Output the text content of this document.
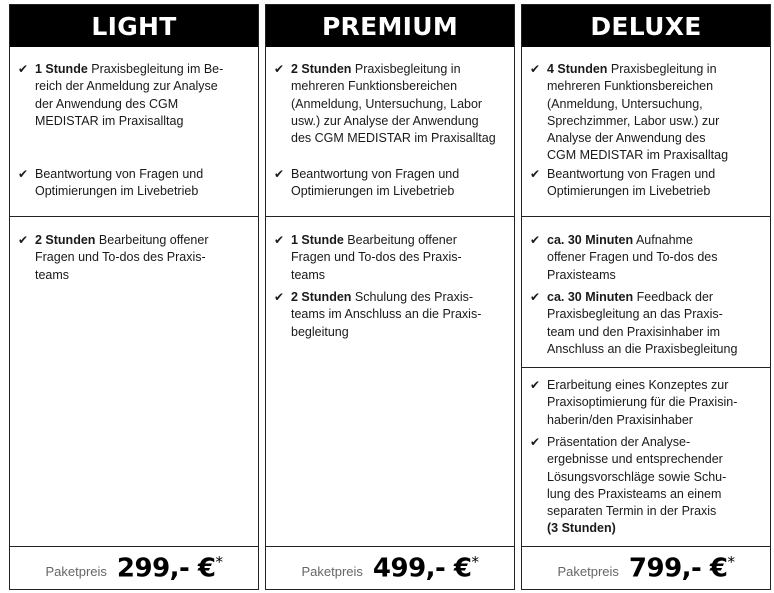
LIGHT
✔ 1 Stunde Praxisbegleitung im Be-
reich der Anmeldung zur Analyse
der Anwendung des CGM
MEDISTAR im Praxisalltag
✔ Beantwortung von Fragen und
Optimierungen im Livebetrieb
✔ 2 Stunden Bearbeitung offener
Fragen und To-dos des Praxis-
teams
Paketpreis 299,- €*
PREMIUM
✔ 2 Stunden Praxisbegleitung in
mehreren Funktionsbereichen
(Anmeldung, Untersuchung, Labor
usw.) zur Analyse der Anwendung
des CGM MEDISTAR im Praxisalltag
✔ Beantwortung von Fragen und
Optimierungen im Livebetrieb
✔ 1 Stunde Bearbeitung offener
Fragen und To-dos des Praxis-
teams
✔ 2 Stunden Schulung des Praxis-
teams im Anschluss an die Praxis-
begleitung
Paketpreis 499,- €*
DELUXE
✔ 4 Stunden Praxisbegleitung in
mehreren Funktionsbereichen
(Anmeldung, Untersuchung,
Sprechzimmer, Labor usw.) zur
Analyse der Anwendung des
CGM MEDISTAR im Praxisalltag
✔ Beantwortung von Fragen und
Optimierungen im Livebetrieb
✔ ca. 30 Minuten Aufnahme
offener Fragen und To-dos des
Praxisteams
✔ ca. 30 Minuten Feedback der
Praxisbegleitung an das Praxis-
team und den Praxisinhaber im
Anschluss an die Praxisbegleitung
✔ Erarbeitung eines Konzeptes zur
Praxisoptimierung für die Praxisin-
haberin/den Praxisinhaber
✔ Präsentation der Analyse-
ergebnisse und entsprechender
Lösungsvorschläge sowie Schu-
lung des Praxisteams an einem
separaten Termin in der Praxis
(3 Stunden)
Paketpreis 799,- €*
